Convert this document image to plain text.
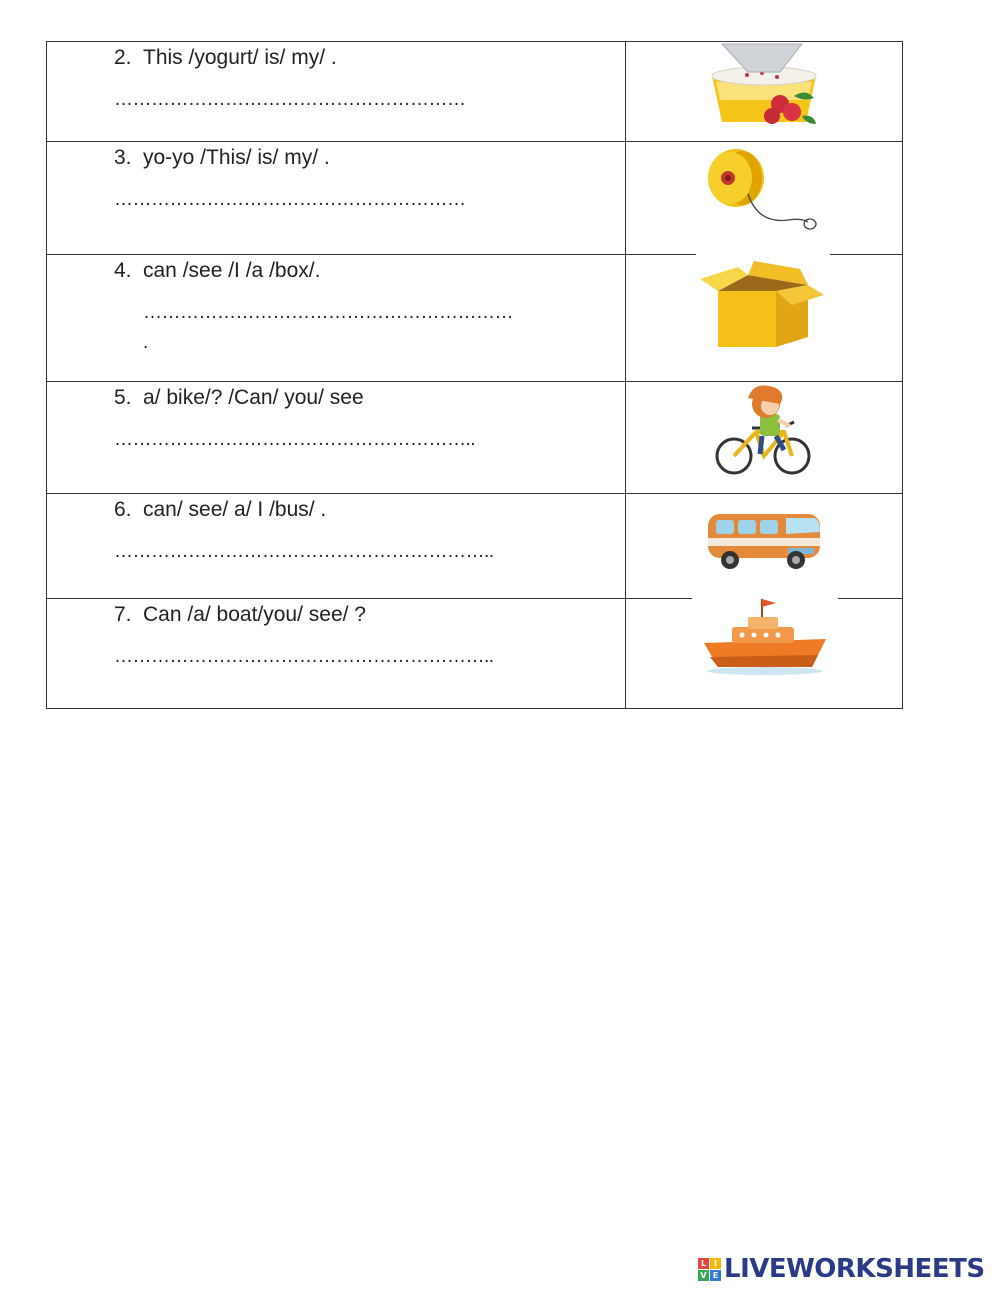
2. This /yogurt/ is/ my/ .
…………………………………………………

3. yo-yo /This/ is/ my/ .
…………………………………………………

4. can /see /I /a /box/.
……………………………………………………
.

5. a/ bike/? /Can/ you/ see
…………………………………………………..

6. can/ see/ a/ I /bus/ .
……………………………………………………..

7. Can /a/ boat/you/ see/ ?
……………………………………………………..

L I
V E LIVEWORKSHEETS
